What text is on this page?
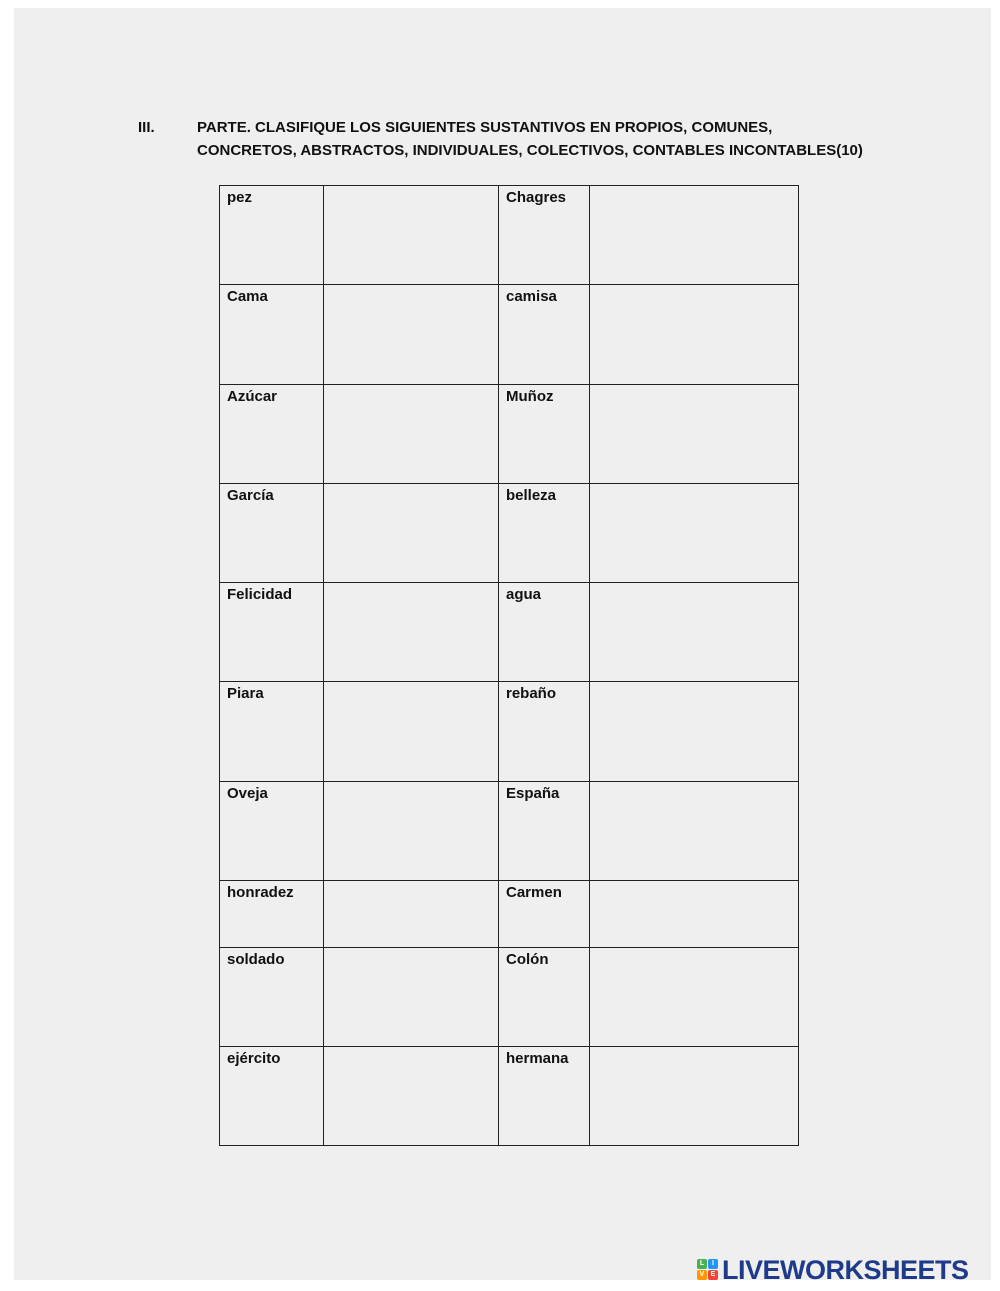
III.	PARTE. CLASIFIQUE LOS SIGUIENTES SUSTANTIVOS EN PROPIOS, COMUNES,
CONCRETOS, ABSTRACTOS, INDIVIDUALES, COLECTIVOS, CONTABLES INCONTABLES(10)
pez		Chagres	
Cama		camisa	
Azúcar		Muñoz	
García		belleza	
Felicidad		agua	
Piara		rebaño	
Oveja		España	
honradez		Carmen	
soldado		Colón	
ejército		hermana	
L	I
V E LIVEWORKSHEETS
